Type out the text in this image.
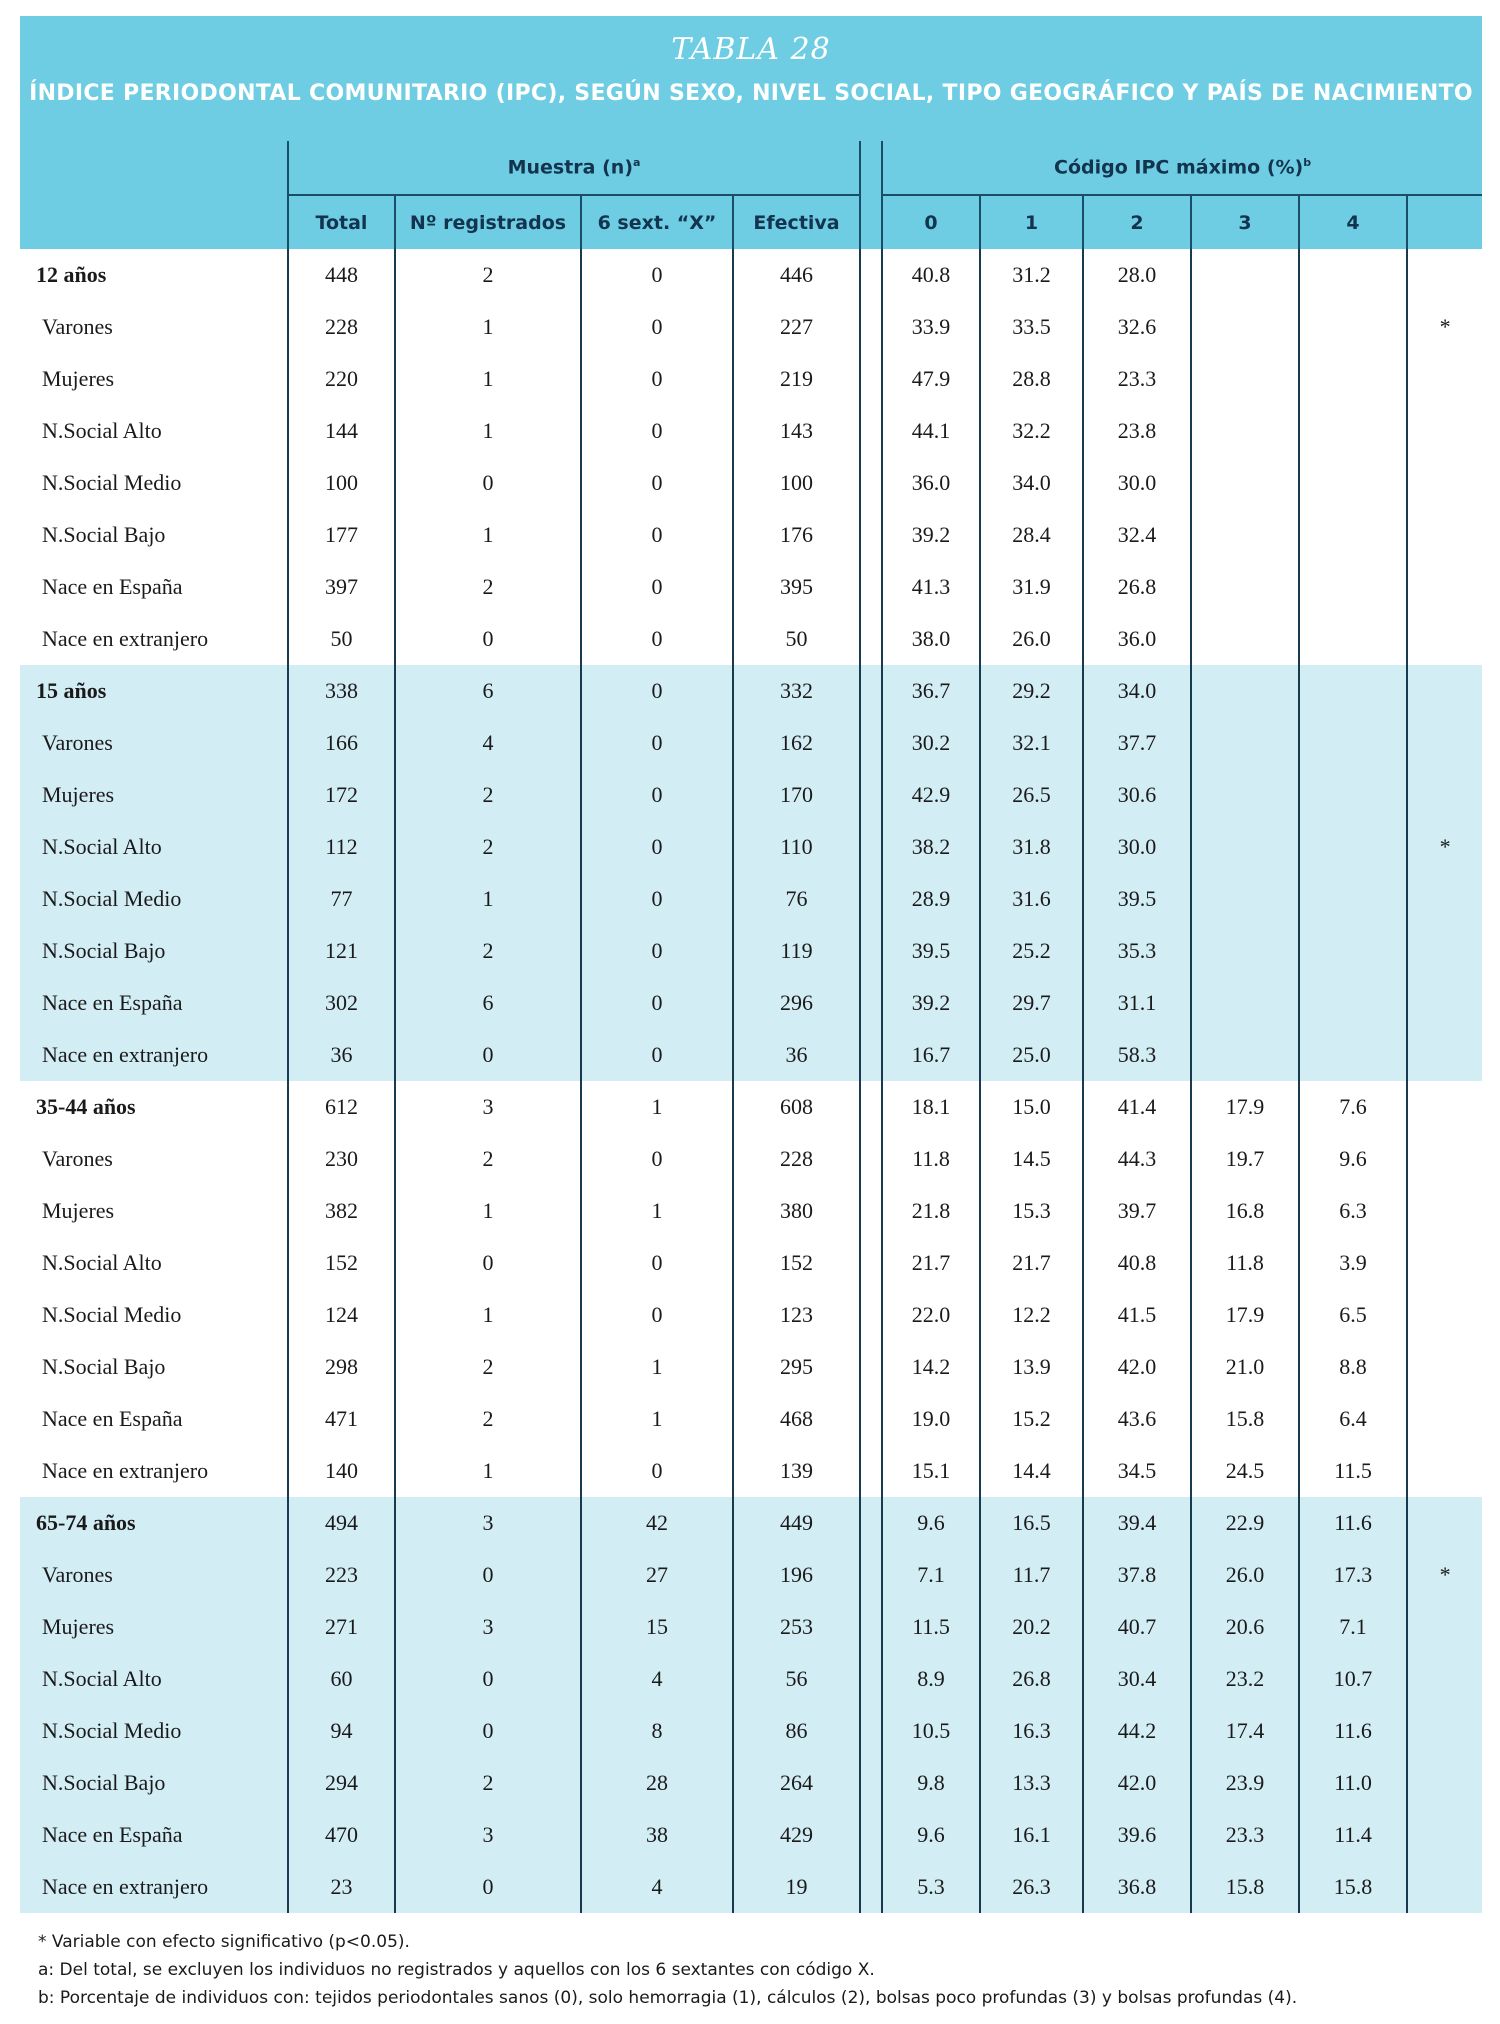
TABLA 28
ÍNDICE PERIODONTAL COMUNITARIO (IPC), SEGÚN SEXO, NIVEL SOCIAL, TIPO GEOGRÁFICO Y PAÍS DE NACIMIENTO
	Muestra $(n)^a$					Código IPC máximo (%)$^b$
	Total	Nº registrados	6 sext. “X”	Efectiva		0	1	2	3	4	
12 años	448	2	0	446		40.8	31.2	28.0			
Varones	228	1	0	227		33.9	33.5	32.6			*
Mujeres	220	1	0	219		47.9	28.8	23.3			
N.Social Alto	144	1	0	143		44.1	32.2	23.8			
N.Social Medio	100	0	0	100		36.0	34.0	30.0			
N.Social Bajo	177	1	0	176		39.2	28.4	32.4			
Nace en España	397	2	0	395		41.3	31.9	26.8			
Nace en extranjero	50	0	0	50		38.0	26.0	36.0			
15 años	338	6	0	332		36.7	29.2	34.0			
Varones	166	4	0	162		30.2	32.1	37.7			
Mujeres	172	2	0	170		42.9	26.5	30.6			
N.Social Alto	112	2	0	110		38.2	31.8	30.0			*
N.Social Medio	77	1	0	76		28.9	31.6	39.5			
N.Social Bajo	121	2	0	119		39.5	25.2	35.3			
Nace en España	302	6	0	296		39.2	29.7	31.1			
Nace en extranjero	36	0	0	36		16.7	25.0	58.3			
35-44 años	612	3	1	608		18.1	15.0	41.4	17.9	7.6	
Varones	230	2	0	228		11.8	14.5	44.3	19.7	9.6	
Mujeres	382	1	1	380		21.8	15.3	39.7	16.8	6.3	
N.Social Alto	152	0	0	152		21.7	21.7	40.8	11.8	3.9	
N.Social Medio	124	1	0	123		22.0	12.2	41.5	17.9	6.5	
N.Social Bajo	298	2	1	295		14.2	13.9	42.0	21.0	8.8	
Nace en España	471	2	1	468		19.0	15.2	43.6	15.8	6.4	
Nace en extranjero	140	1	0	139		15.1	14.4	34.5	24.5	11.5	
65-74 años	494	3	42	449		9.6	16.5	39.4	22.9	11.6	
Varones	223	0	27	196		7.1	11.7	37.8	26.0	17.3	*
Mujeres	271	3	15	253		11.5	20.2	40.7	20.6	7.1	
N.Social Alto	60	0	4	56		8.9	26.8	30.4	23.2	10.7	
N.Social Medio	94	0	8	86		10.5	16.3	44.2	17.4	11.6	
N.Social Bajo	294	2	28	264		9.8	13.3	42.0	23.9	11.0	
Nace en España	470	3	38	429		9.6	16.1	39.6	23.3	11.4	
Nace en extranjero	23	0	4	19		5.3	26.3	36.8	15.8	15.8	
* Variable con efecto significativo (p<0.05).
a: Del total, se excluyen los individuos no registrados y aquellos con los 6 sextantes con código X.
b: Porcentaje de individuos con: tejidos periodontales sanos (0), solo hemorragia (1), cálculos (2), bolsas poco profundas (3) y bolsas profundas (4).
